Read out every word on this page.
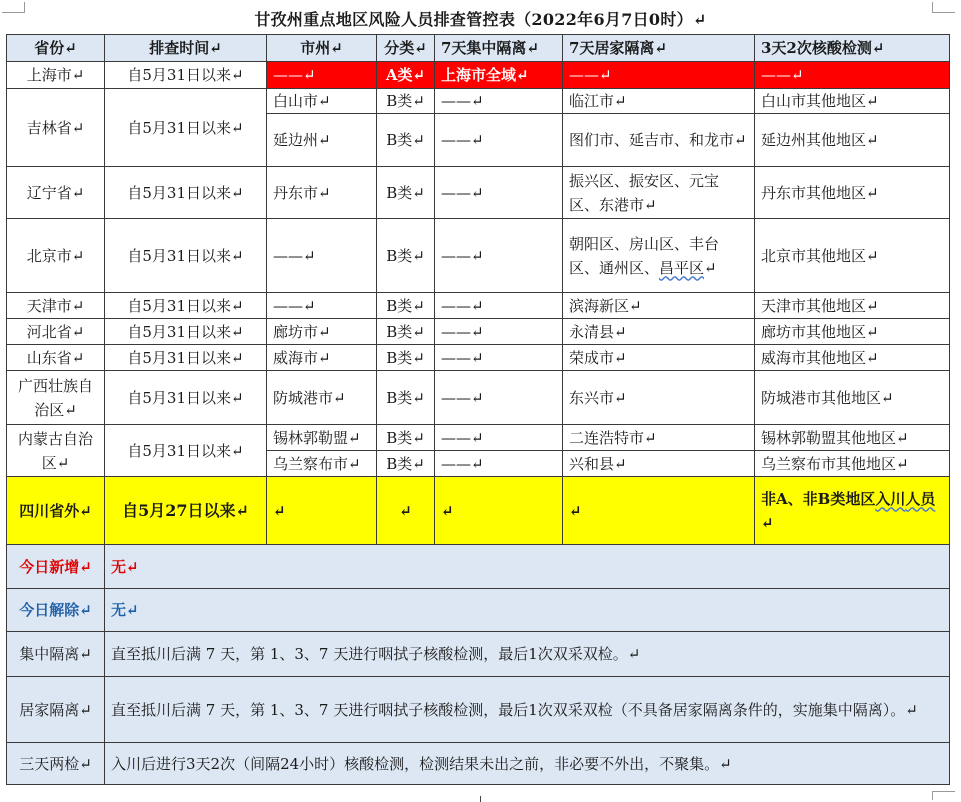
甘孜州重点地区风险人员排查管控表（2022年6月7日0时）↵
省份↵	排查时间↵	市州↵	分类↵	7天集中隔离↵	7天居家隔离↵	3天2次核酸检测↵
上海市↵	自5月31日以来↵	——↵	A类↵	上海市全域↵	——↵	——↵
吉林省↵	自5月31日以来↵	白山市↵	B类↵	——↵	临江市↵	白山市其他地区↵
		延边州↵	B类↵	——↵	图们市、延吉市、和龙市↵	延边州其他地区↵
辽宁省↵	自5月31日以来↵	丹东市↵	B类↵	——↵	振兴区、振安区、元宝区、东港市↵	丹东市其他地区↵
北京市↵	自5月31日以来↵	——↵	B类↵	——↵	朝阳区、房山区、丰台区、通州区、昌平区↵	北京市其他地区↵
天津市↵	自5月31日以来↵	——↵	B类↵	——↵	滨海新区↵	天津市其他地区↵
河北省↵	自5月31日以来↵	廊坊市↵	B类↵	——↵	永清县↵	廊坊市其他地区↵
山东省↵	自5月31日以来↵	威海市↵	B类↵	——↵	荣成市↵	威海市其他地区↵
广西壮族自治区↵	自5月31日以来↵	防城港市↵	B类↵	——↵	东兴市↵	防城港市其他地区↵
内蒙古自治区↵	自5月31日以来↵	锡林郭勒盟↵	B类↵	——↵	二连浩特市↵	锡林郭勒盟其他地区↵
		乌兰察布市↵	B类↵	——↵	兴和县↵	乌兰察布市其他地区↵
四川省外↵	自5月27日以来↵	↵	↵	↵	↵	非A、非B类地区入川人员↵
今日新增↵	无↵					
今日解除↵	无↵					
集中隔离↵	直至抵川后满 7 天，第 1、3、7 天进行咽拭子核酸检测，最后1次双采双检。↵					
居家隔离↵	直至抵川后满 7 天，第 1、3、7 天进行咽拭子核酸检测，最后1次双采双检（不具备居家隔离条件的，实施集中隔离）。↵					
三天两检↵	入川后进行3天2次（间隔24小时）核酸检测，检测结果未出之前，非必要不外出，不聚集。↵					
